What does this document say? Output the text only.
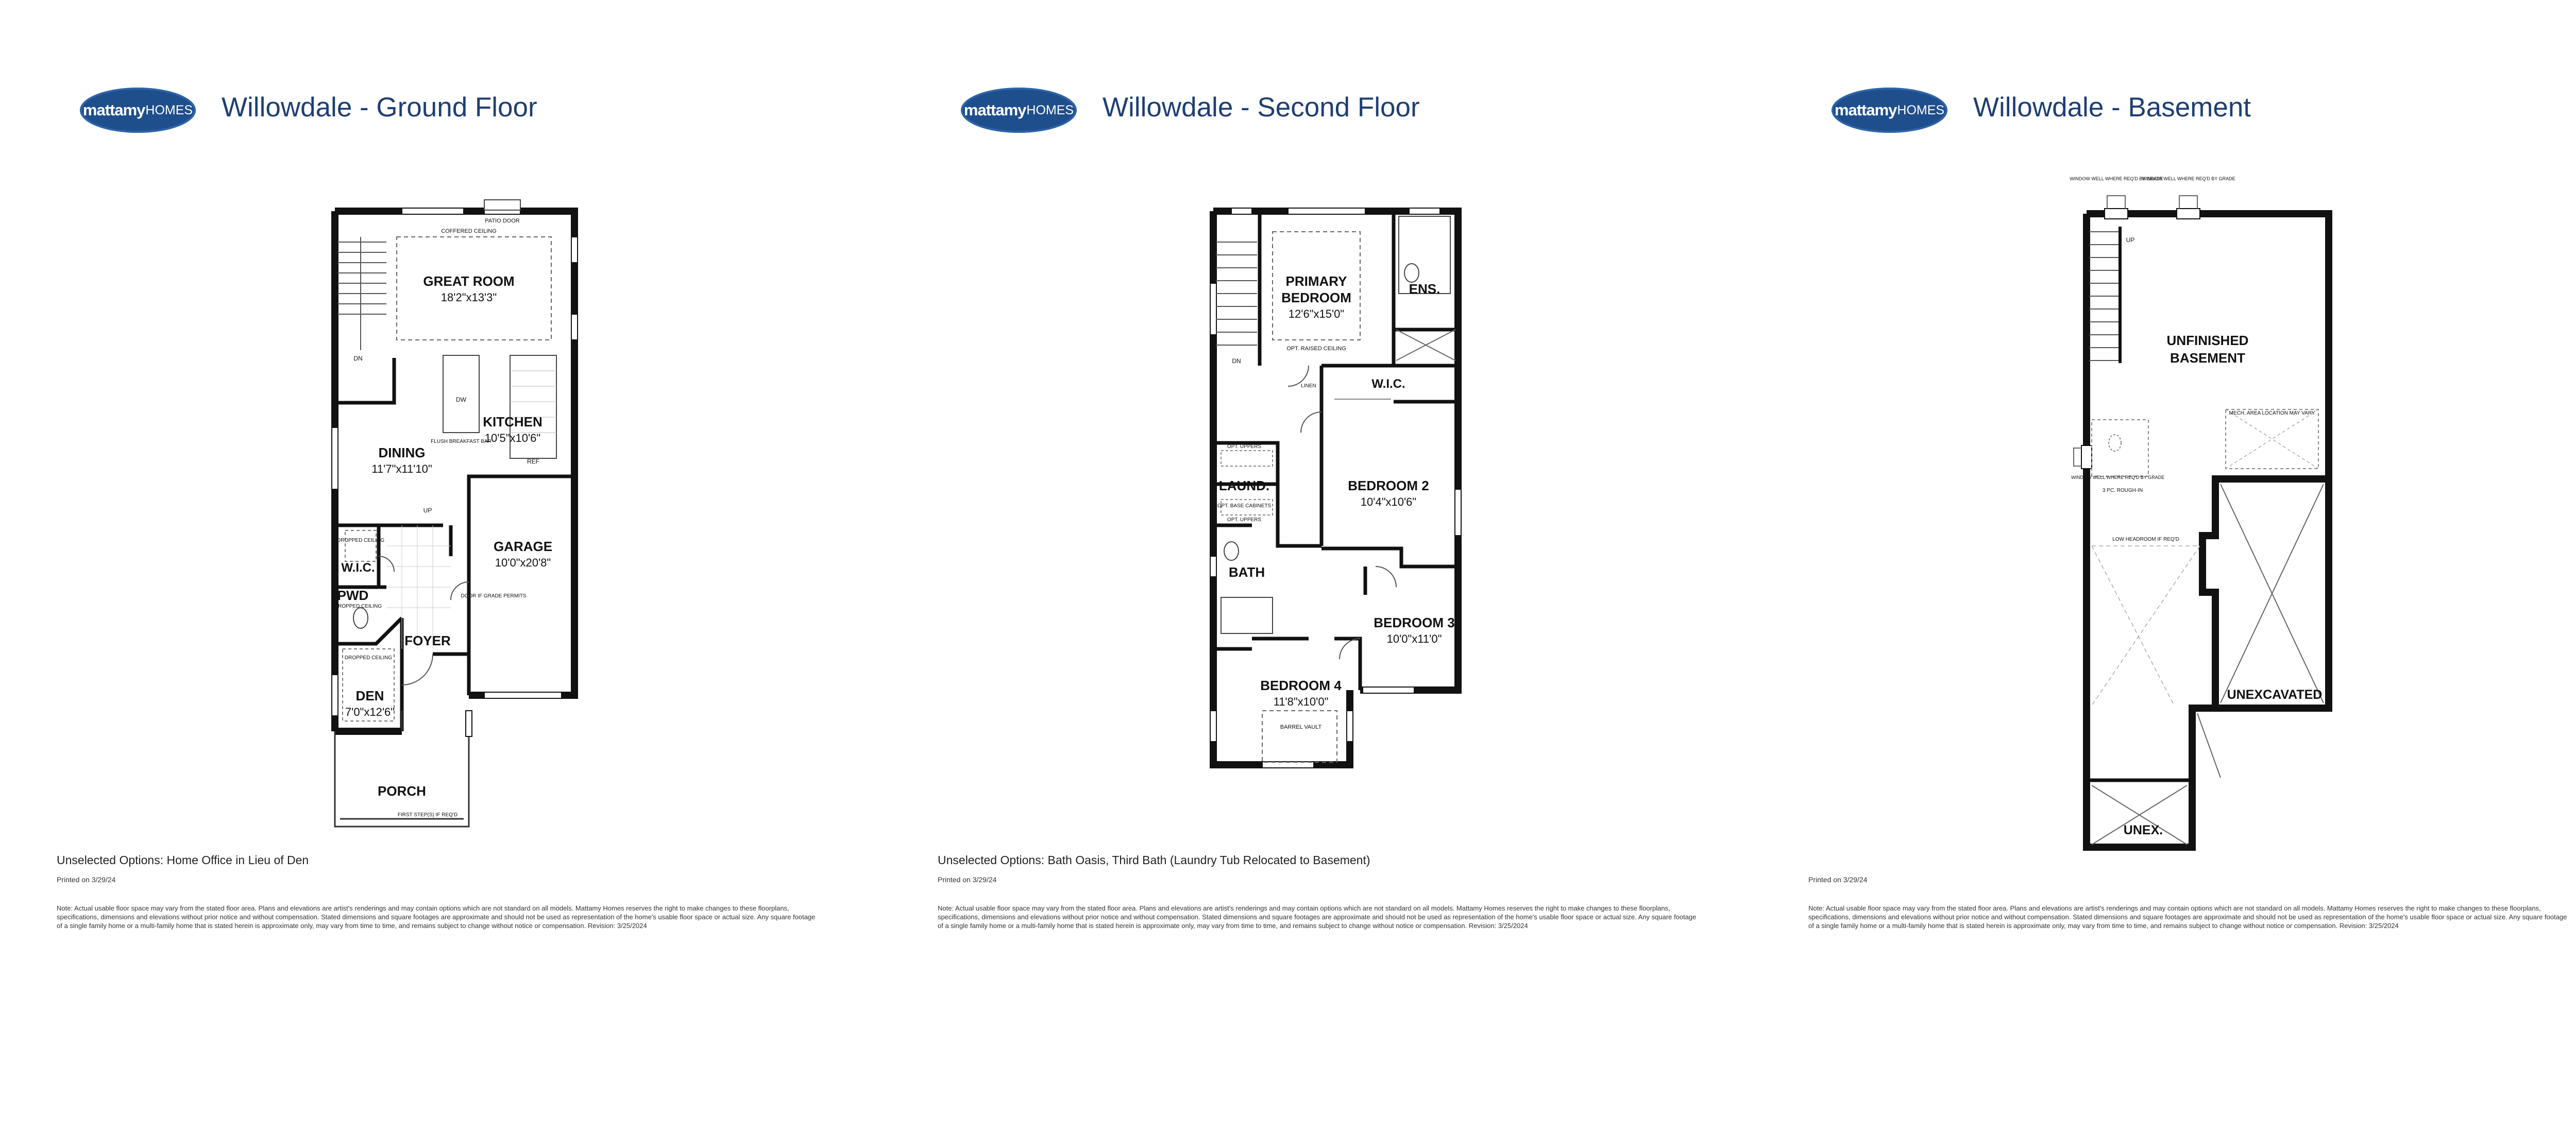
mattamy HOMES Willowdale - Ground Floor
GREAT ROOM
18'2"x13'3"
KITCHEN
10'5"x10'6"
DINING
11'7"x11'10"
GARAGE
10'0"x20'8"
W.I.C.
PWD
FOYER
DEN
7'0"x12'6"
PORCH
PATIO DOOR
COFFERED CEILING
DN
DW
REF
FLUSH BREAKFAST BAR
UP
DROPPED CEILING
DROPPED CEILING
DROPPED CEILING
DOOR IF GRADE PERMITS
FIRST STEP(S) IF REQ'D
Unselected Options: Home Office in Lieu of Den
Printed on 3/29/24
Note: Actual usable floor space may vary from the stated floor area. Plans and elevations are artist's renderings and may contain options which are not standard on all models. Mattamy Homes reserves the right to make changes to these floorplans, specifications, dimensions and elevations without prior notice and without compensation. Stated dimensions and square footages are approximate and should not be used as representation of the home's usable floor space or actual size. Any square footage of a single family home or a multi-family home that is stated herein is approximate only, may vary from time to time, and remains subject to change without notice or compensation. Revision: 3/25/2024
mattamy HOMES Willowdale - Second Floor
PRIMARY
BEDROOM
12'6"x15'0"
OPT. RAISED CEILING
ENS.
W.I.C.
LINEN
DN
LAUND.
OPT. UPPERS
OPT. BASE CABINETS
OPT. UPPERS
BATH
BEDROOM 2
10'4"x10'6"
BEDROOM 3
10'0"x11'0"
BEDROOM 4
11'8"x10'0"
BARREL VAULT
Unselected Options: Bath Oasis, Third Bath (Laundry Tub Relocated to Basement)
Printed on 3/29/24
Note: Actual usable floor space may vary from the stated floor area. Plans and elevations are artist's renderings and may contain options which are not standard on all models. Mattamy Homes reserves the right to make changes to these floorplans, specifications, dimensions and elevations without prior notice and without compensation. Stated dimensions and square footages are approximate and should not be used as representation of the home's usable floor space or actual size. Any square footage of a single family home or a multi-family home that is stated herein is approximate only, may vary from time to time, and remains subject to change without notice or compensation. Revision: 3/25/2024
mattamy HOMES Willowdale - Basement
UNFINISHED
BASEMENT
UNEXCAVATED
UNEX.
WINDOW WELL WHERE REQ'D BY GRADE
WINDOW WELL WHERE REQ'D BY GRADE
WINDOW WELL WHERE REQ'D BY GRADE
MECH. AREA LOCATION MAY VARY
3 PC. ROUGH-IN
LOW HEADROOM IF REQ'D
UP
Printed on 3/29/24
Note: Actual usable floor space may vary from the stated floor area. Plans and elevations are artist's renderings and may contain options which are not standard on all models. Mattamy Homes reserves the right to make changes to these floorplans, specifications, dimensions and elevations without prior notice and without compensation. Stated dimensions and square footages are approximate and should not be used as representation of the home's usable floor space or actual size. Any square footage of a single family home or a multi-family home that is stated herein is approximate only, may vary from time to time, and remains subject to change without notice or compensation. Revision: 3/25/2024
